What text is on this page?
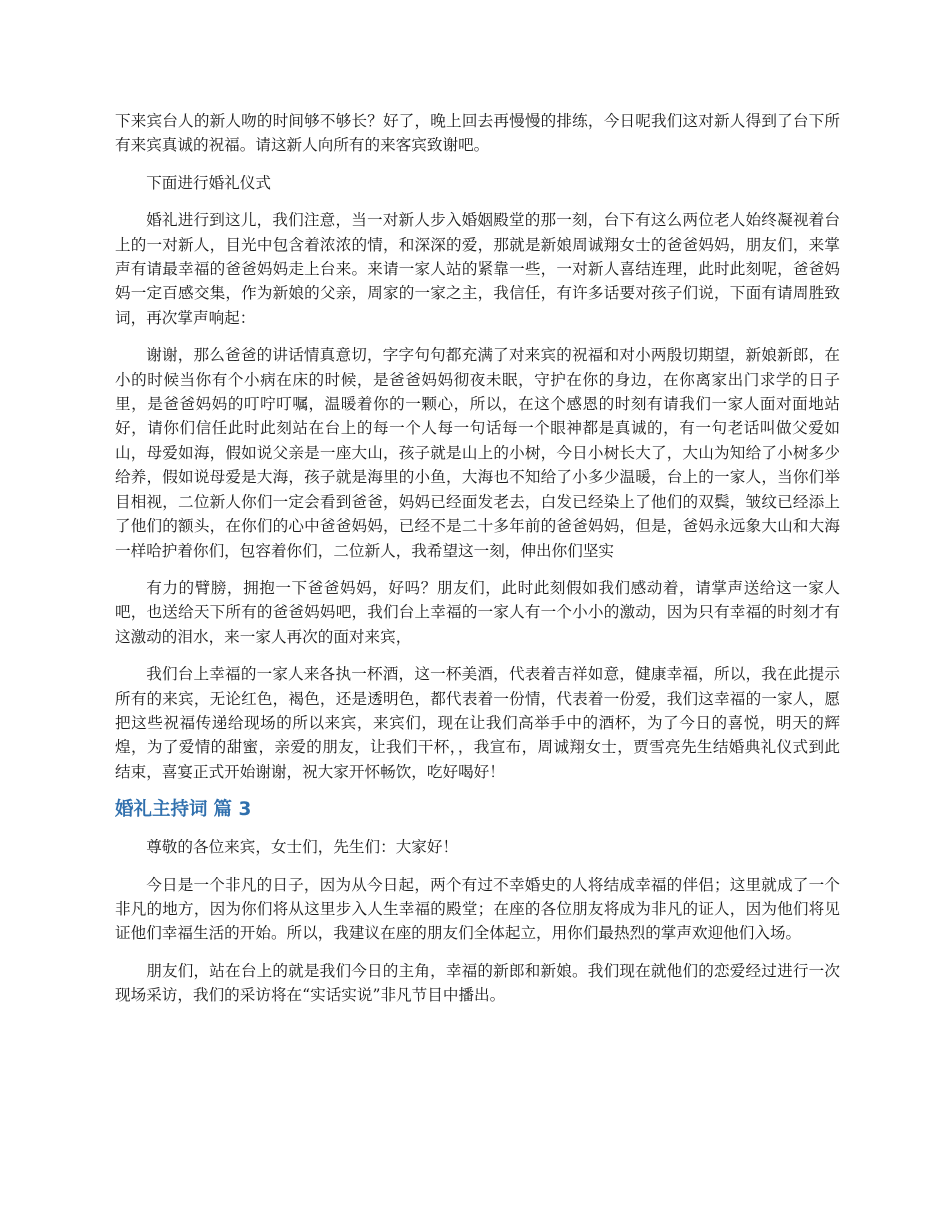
下来宾台人的新人吻的时间够不够长？好了，晚上回去再慢慢的排练，今日呢我们这对新人得到了台下所有来宾真诚的祝福。请这新人向所有的来客宾致谢吧。

下面进行婚礼仪式

婚礼进行到这儿，我们注意，当一对新人步入婚姻殿堂的那一刻，台下有这么两位老人始终凝视着台上的一对新人，目光中包含着浓浓的情，和深深的爱，那就是新娘周诚翔女士的爸爸妈妈，朋友们，来掌声有请最幸福的爸爸妈妈走上台来。来请一家人站的紧靠一些，一对新人喜结连理，此时此刻呢，爸爸妈妈一定百感交集，作为新娘的父亲，周家的一家之主，我信任，有许多话要对孩子们说，下面有请周胜致词，再次掌声响起：

谢谢，那么爸爸的讲话情真意切，字字句句都充满了对来宾的祝福和对小两殷切期望，新娘新郎，在小的时候当你有个小病在床的时候，是爸爸妈妈彻夜未眠，守护在你的身边，在你离家出门求学的日子里，是爸爸妈妈的叮咛叮嘱，温暖着你的一颗心，所以，在这个感恩的时刻有请我们一家人面对面地站好，请你们信任此时此刻站在台上的每一个人每一句话每一个眼神都是真诚的，有一句老话叫做父爱如山，母爱如海，假如说父亲是一座大山，孩子就是山上的小树，今日小树长大了，大山为知给了小树多少给养，假如说母爱是大海，孩子就是海里的小鱼，大海也不知给了小多少温暖，台上的一家人，当你们举目相视，二位新人你们一定会看到爸爸，妈妈已经面发老去，白发已经染上了他们的双鬓，皱纹已经添上了他们的额头，在你们的心中爸爸妈妈，已经不是二十多年前的爸爸妈妈，但是，爸妈永远象大山和大海一样哈护着你们，包容着你们，二位新人，我希望这一刻，伸出你们坚实

有力的臂膀，拥抱一下爸爸妈妈，好吗？朋友们，此时此刻假如我们感动着，请掌声送给这一家人吧，也送给天下所有的爸爸妈妈吧，我们台上幸福的一家人有一个小小的激动，因为只有幸福的时刻才有这激动的泪水，来一家人再次的面对来宾，

我们台上幸福的一家人来各执一杯酒，这一杯美酒，代表着吉祥如意，健康幸福，所以，我在此提示所有的来宾，无论红色，褐色，还是透明色，都代表着一份情，代表着一份爱，我们这幸福的一家人，愿把这些祝福传递给现场的所以来宾，来宾们，现在让我们高举手中的酒杯，为了今日的喜悦，明天的辉煌，为了爱情的甜蜜，亲爱的朋友，让我们干杯，，我宣布，周诚翔女士，贾雪亮先生结婚典礼仪式到此结束，喜宴正式开始谢谢，祝大家开怀畅饮，吃好喝好！

婚礼主持词 篇 3

尊敬的各位来宾，女士们，先生们：大家好！

今日是一个非凡的日子，因为从今日起，两个有过不幸婚史的人将结成幸福的伴侣；这里就成了一个非凡的地方，因为你们将从这里步入人生幸福的殿堂；在座的各位朋友将成为非凡的证人，因为他们将见证他们幸福生活的开始。所以，我建议在座的朋友们全体起立，用你们最热烈的掌声欢迎他们入场。

朋友们，站在台上的就是我们今日的主角，幸福的新郎和新娘。我们现在就他们的恋爱经过进行一次现场采访，我们的采访将在“实话实说”非凡节目中播出。
